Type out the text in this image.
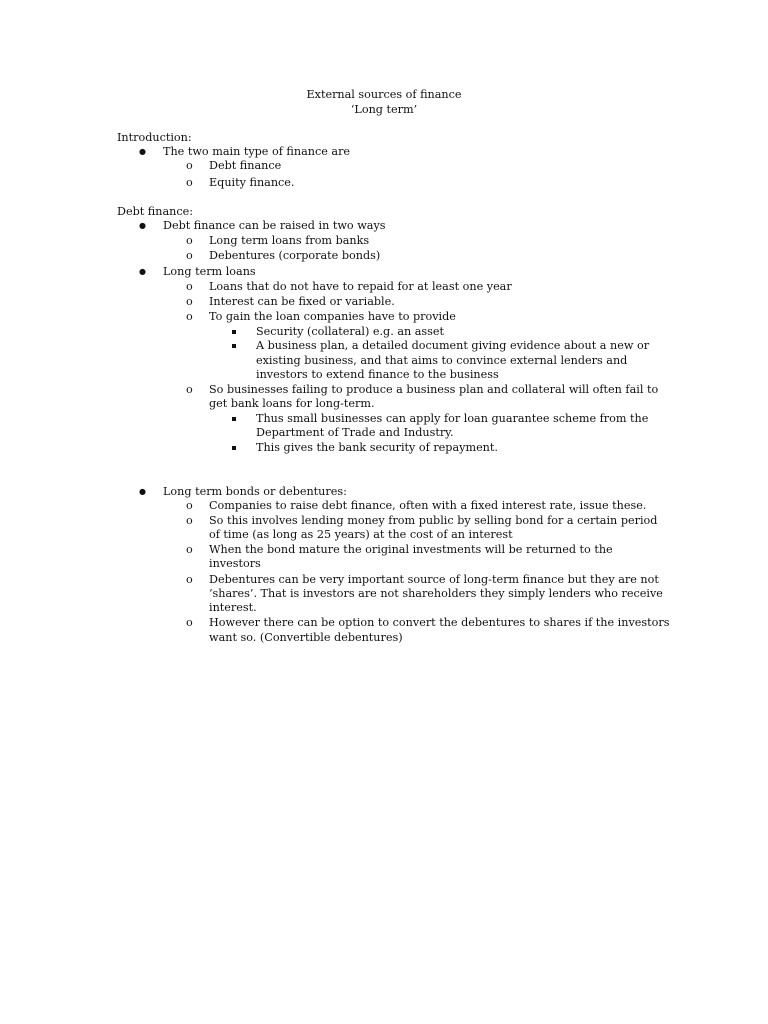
External sources of finance
‘Long term’
Introduction:
● The two main type of finance are
o Debt finance
o Equity finance.
Debt finance:
● Debt finance can be raised in two ways
o Long term loans from banks
o Debentures (corporate bonds)
● Long term loans
o Loans that do not have to repaid for at least one year
o Interest can be fixed or variable.
o To gain the loan companies have to provide
Security (collateral) e.g. an asset
A business plan, a detailed document giving evidence about a new or
existing business, and that aims to convince external lenders and
investors to extend finance to the business
o So businesses failing to produce a business plan and collateral will often fail to
get bank loans for long-term.
Thus small businesses can apply for loan guarantee scheme from the
Department of Trade and Industry.
This gives the bank security of repayment.
● Long term bonds or debentures:
o Companies to raise debt finance, often with a fixed interest rate, issue these.
o So this involves lending money from public by selling bond for a certain period
of time (as long as 25 years) at the cost of an interest
o When the bond mature the original investments will be returned to the
investors
o Debentures can be very important source of long-term finance but they are not
‘shares’. That is investors are not shareholders they simply lenders who receive
interest.
o However there can be option to convert the debentures to shares if the investors
want so. (Convertible debentures)
